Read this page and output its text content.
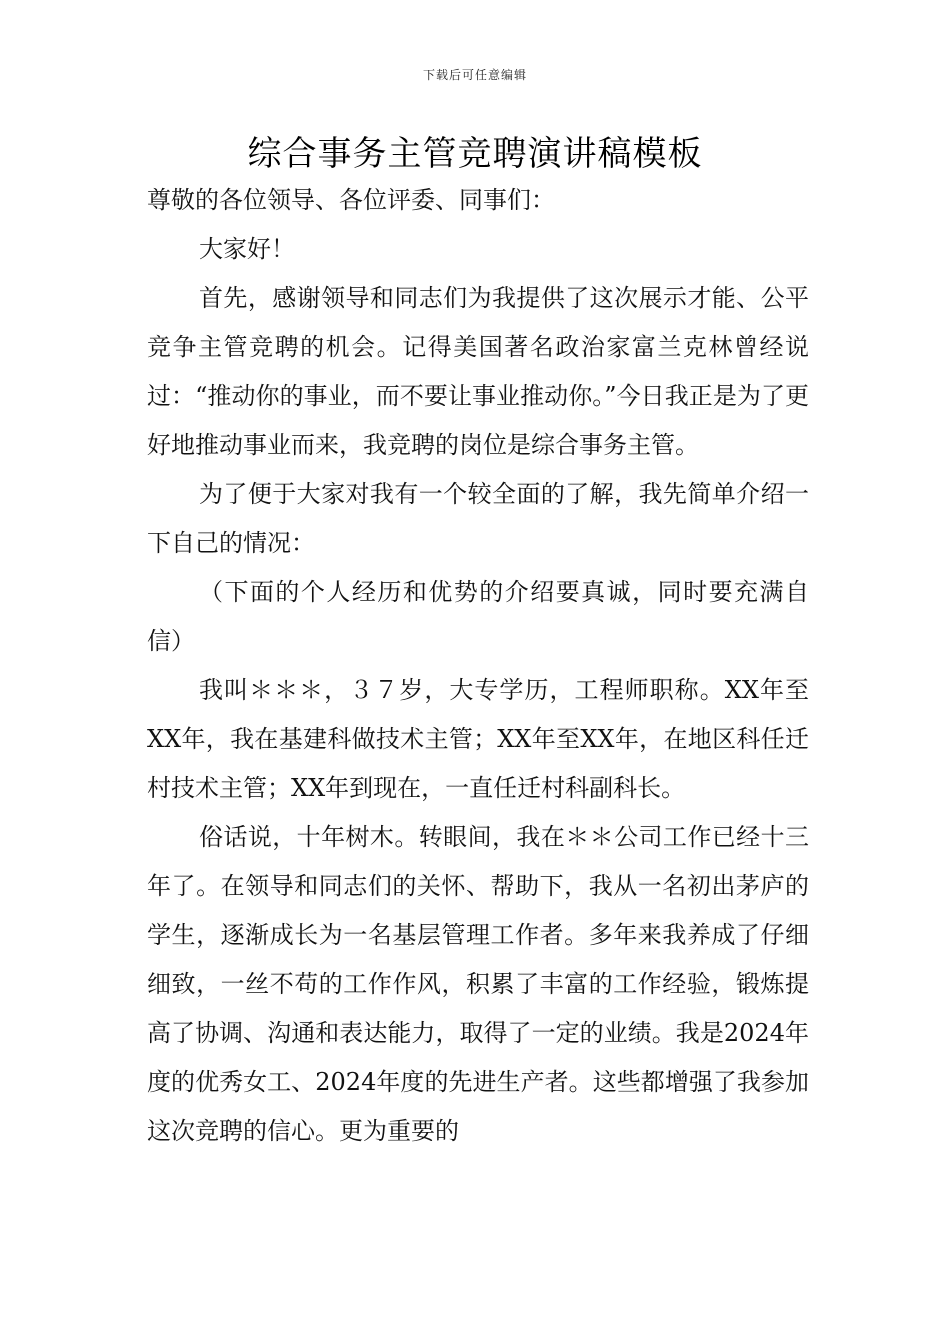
下载后可任意编辑
综合事务主管竞聘演讲稿模板

尊敬的各位领导、各位评委、同事们：

大家好！

首先，感谢领导和同志们为我提供了这次展示才能、公平竞争主管竞聘的机会。记得美国著名政治家富兰克林曾经说过：“推动你的事业，而不要让事业推动你。”今日我正是为了更好地推动事业而来，我竞聘的岗位是综合事务主管。

为了便于大家对我有一个较全面的了解，我先简单介绍一下自己的情况：

（下面的个人经历和优势的介绍要真诚，同时要充满自信）

我叫＊＊＊，３７岁，大专学历，工程师职称。XX年至XX年，我在基建科做技术主管；XX年至XX年，在地区科任迁村技术主管；XX年到现在，一直任迁村科副科长。

俗话说，十年树木。转眼间，我在＊＊公司工作已经十三年了。在领导和同志们的关怀、帮助下，我从一名初出茅庐的学生，逐渐成长为一名基层管理工作者。多年来我养成了仔细细致，一丝不苟的工作作风，积累了丰富的工作经验，锻炼提高了协调、沟通和表达能力，取得了一定的业绩。我是2024年度的优秀女工、2024年度的先进生产者。这些都增强了我参加这次竞聘的信心。更为重要的
